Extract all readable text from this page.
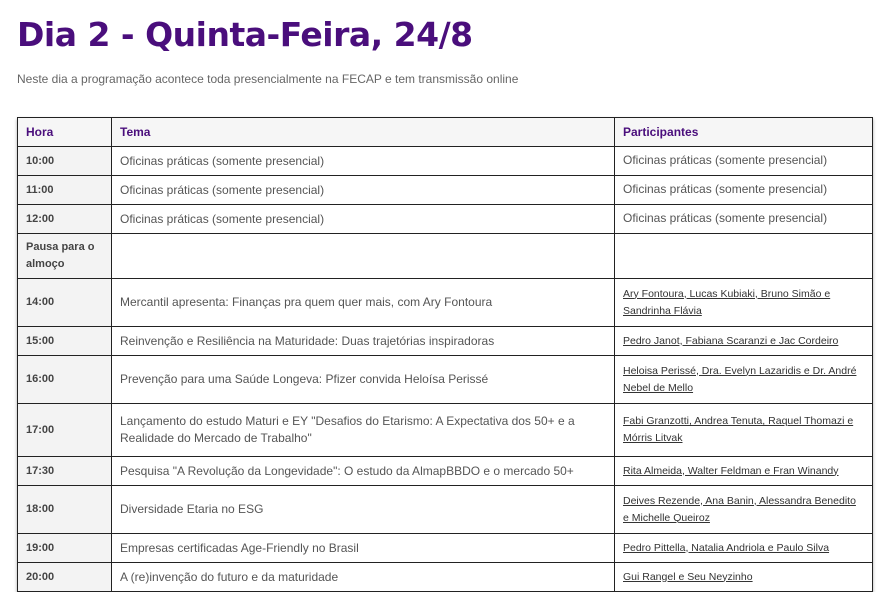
Dia 2 - Quinta-Feira, 24/8

Neste dia a programação acontece toda presencialmente na FECAP e tem transmissão online

Hora	Tema	Participantes
10:00	Oficinas práticas (somente presencial)	Oficinas práticas (somente presencial)
11:00	Oficinas práticas (somente presencial)	Oficinas práticas (somente presencial)
12:00	Oficinas práticas (somente presencial)	Oficinas práticas (somente presencial)
Pausa para o almoço		
14:00	Mercantil apresenta: Finanças pra quem quer mais, com Ary Fontoura	Ary Fontoura, Lucas Kubiaki, Bruno Simão e Sandrinha Flávia
15:00	Reinvenção e Resiliência na Maturidade: Duas trajetórias inspiradoras	Pedro Janot, Fabiana Scaranzi e Jac Cordeiro
16:00	Prevenção para uma Saúde Longeva: Pfizer convida Heloísa Perissé	Heloisa Perissé, Dra. Evelyn Lazaridis e Dr. André Nebel de Mello
17:00	Lançamento do estudo Maturi e EY "Desafios do Etarismo: A Expectativa dos 50+ e a Realidade do Mercado de Trabalho"	Fabi Granzotti, Andrea Tenuta, Raquel Thomazi e Mórris Litvak
17:30	Pesquisa "A Revolução da Longevidade": O estudo da AlmapBBDO e o mercado 50+	Rita Almeida, Walter Feldman e Fran Winandy
18:00	Diversidade Etaria no ESG	Deives Rezende, Ana Banin, Alessandra Benedito e Michelle Queiroz
19:00	Empresas certificadas Age-Friendly no Brasil	Pedro Pittella, Natalia Andriola e Paulo Silva
20:00	A (re)invenção do futuro e da maturidade	Gui Rangel e Seu Neyzinho
